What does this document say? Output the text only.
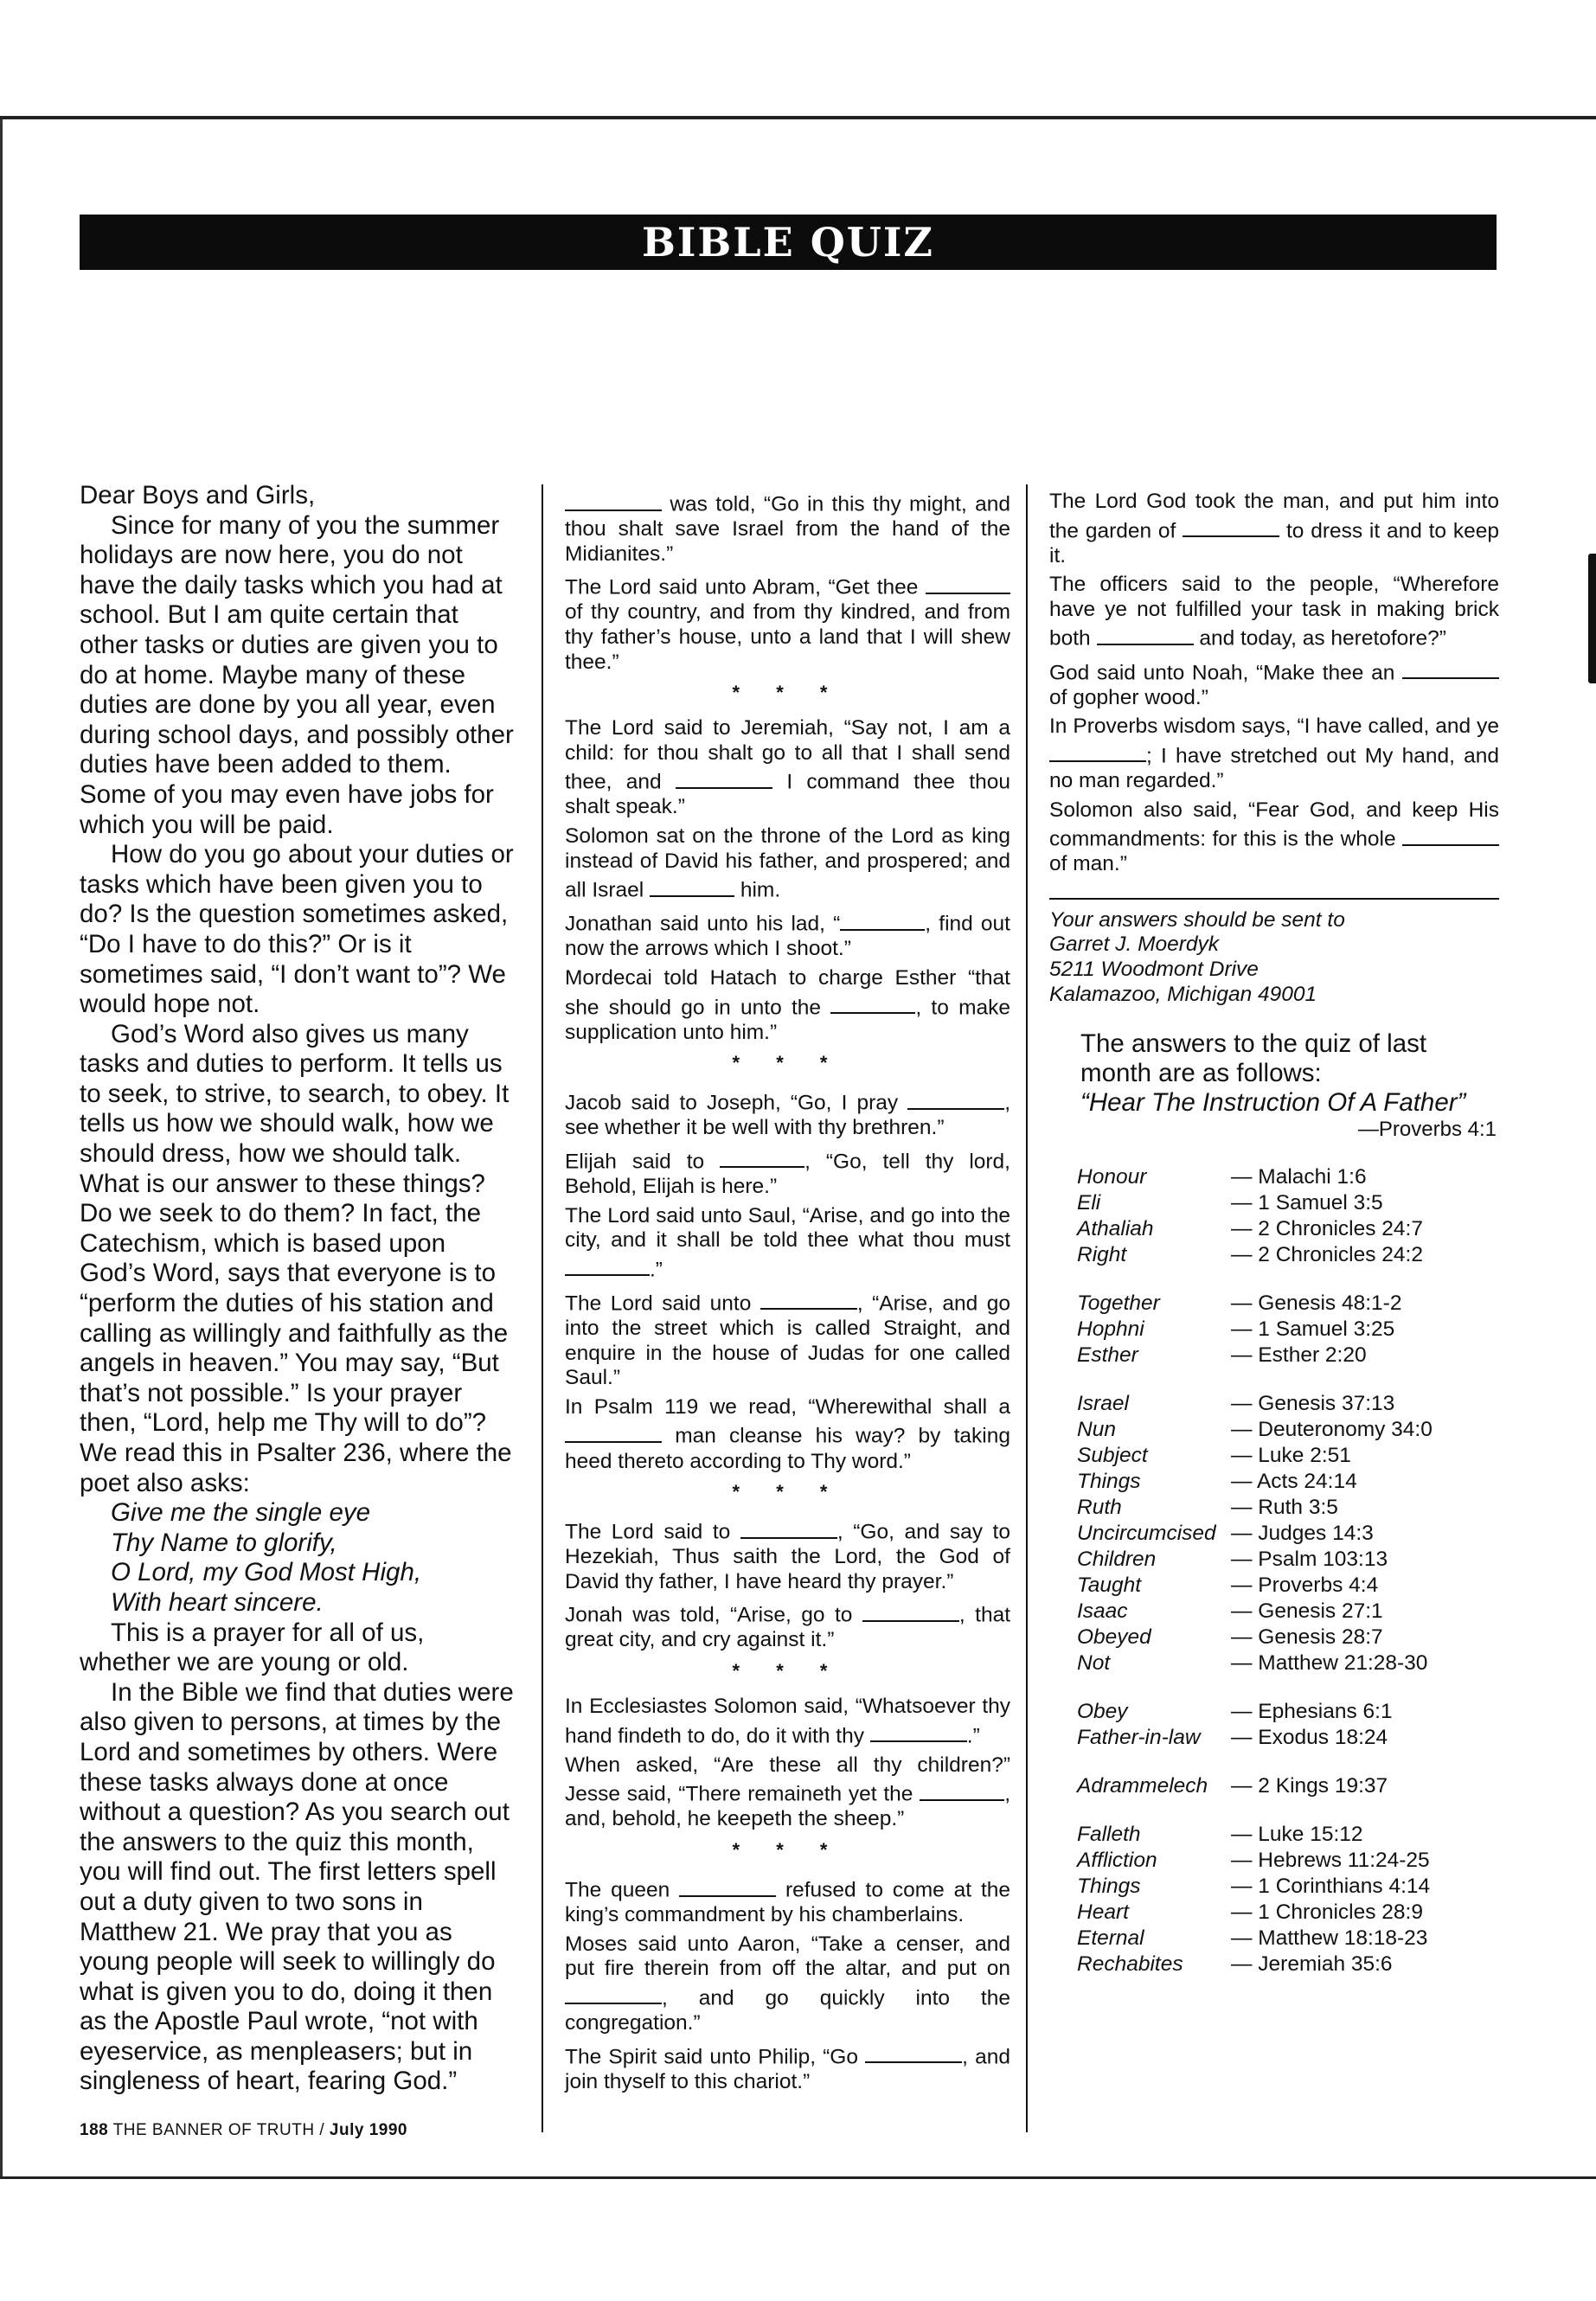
BIBLE QUIZ

Dear Boys and Girls,

Since for many of you the summer holidays are now here, you do not have the daily tasks which you had at school. But I am quite certain that other tasks or duties are given you to do at home. Maybe many of these duties are done by you all year, even during school days, and possibly other duties have been added to them. Some of you may even have jobs for which you will be paid.

How do you go about your duties or tasks which have been given you to do? Is the question sometimes asked, “Do I have to do this?” Or is it sometimes said, “I don’t want to”? We would hope not.

God’s Word also gives us many tasks and duties to perform. It tells us to seek, to strive, to search, to obey. It tells us how we should walk, how we should dress, how we should talk. What is our answer to these things? Do we seek to do them? In fact, the Catechism, which is based upon God’s Word, says that everyone is to “perform the duties of his station and calling as willingly and faithfully as the angels in heaven.” You may say, “But that’s not possible.” Is your prayer then, “Lord, help me Thy will to do”? We read this in Psalter 236, where the poet also asks:

Give me the single eye
Thy Name to glorify,
O Lord, my God Most High,
With heart sincere.

This is a prayer for all of us, whether we are young or old.

In the Bible we find that duties were also given to persons, at times by the Lord and sometimes by others. Were these tasks always done at once without a question? As you search out the answers to the quiz this month, you will find out. The first letters spell out a duty given to two sons in Matthew 21. We pray that you as young people will seek to willingly do what is given you to do, doing it then as the Apostle Paul wrote, “not with eyeservice, as menpleasers; but in singleness of heart, fearing God.”

was told, “Go in this thy might, and thou shalt save Israel from the hand of the Midianites.”

The Lord said unto Abram, “Get thee  of thy country, and from thy kindred, and from thy father’s house, unto a land that I will shew thee.”

* * *

The Lord said to Jeremiah, “Say not, I am a child: for thou shalt go to all that I shall send thee, and	I command thee thou shalt speak.”

Solomon sat on the throne of the Lord as king instead of David his father, and prospered; and all Israel	him.

Jonathan said unto his lad, “	, find out now the arrows which I shoot.”

Mordecai told Hatach to charge Esther “that she should go in unto the	, to make supplication unto him.”

* * *

Jacob said to Joseph, “Go, I pray	, see whether it be well with thy brethren.”

Elijah said to	, “Go, tell thy lord, Behold, Elijah is here.”

The Lord said unto Saul, “Arise, and go into the city, and it shall be told thee what thou must .”

The Lord said unto	, “Arise, and go into the street which is called Straight, and enquire in the house of Judas for one called Saul.”

In Psalm 119 we read, “Wherewithal shall a  man cleanse his way? by taking heed thereto according to Thy word.”

* * *

The Lord said to	, “Go, and say to Hezekiah, Thus saith the Lord, the God of David thy father, I have heard thy prayer.”

Jonah was told, “Arise, go to	, that great city, and cry against it.”

* * *

In Ecclesiastes Solomon said, “Whatsoever thy hand findeth to do, do it with thy	.”

When asked, “Are these all thy children?” Jesse said, “There remaineth yet the	, and, behold, he keepeth the sheep.”

* * *

The queen	refused to come at the king’s commandment by his chamberlains.

Moses said unto Aaron, “Take a censer, and put fire therein from off the altar, and put on , and go quickly into the congregation.”

The Spirit said unto Philip, “Go	, and join thyself to this chariot.”

The Lord God took the man, and put him into the garden of	to dress it and to keep it.

The officers said to the people, “Wherefore have ye not fulfilled your task in making brick both	and today, as heretofore?”

God said unto Noah, “Make thee an  of gopher wood.”

In Proverbs wisdom says, “I have called, and ye ; I have stretched out My hand, and no man regarded.”

Solomon also said, “Fear God, and keep His commandments: for this is the whole  of man.”

Your answers should be sent to
Garret J. Moerdyk
5211 Woodmont Drive
Kalamazoo, Michigan 49001
The answers to the quiz of last month are as follows:
“Hear The Instruction Of A Father”
—Proverbs 4:1
Honour	— Malachi 1:6
Eli	— 1 Samuel 3:5
Athaliah	— 2 Chronicles 24:7
Right	— 2 Chronicles 24:2
Together	— Genesis 48:1-2
Hophni	— 1 Samuel 3:25
Esther	— Esther 2:20
Israel	— Genesis 37:13
Nun	— Deuteronomy 34:0
Subject	— Luke 2:51
Things	— Acts 24:14
Ruth	— Ruth 3:5
Uncircumcised — Judges 14:3
Children	— Psalm 103:13
Taught	— Proverbs 4:4
Isaac	— Genesis 27:1
Obeyed	— Genesis 28:7
Not	— Matthew 21:28-30
Obey	— Ephesians 6:1
Father-in-law	— Exodus 18:24
Adrammelech	— 2 Kings 19:37
Falleth	— Luke 15:12
Affliction	— Hebrews 11:24-25
Things	— 1 Corinthians 4:14
Heart	— 1 Chronicles 28:9
Eternal	— Matthew 18:18-23
Rechabites	— Jeremiah 35:6
188 THE BANNER OF TRUTH / July 1990
